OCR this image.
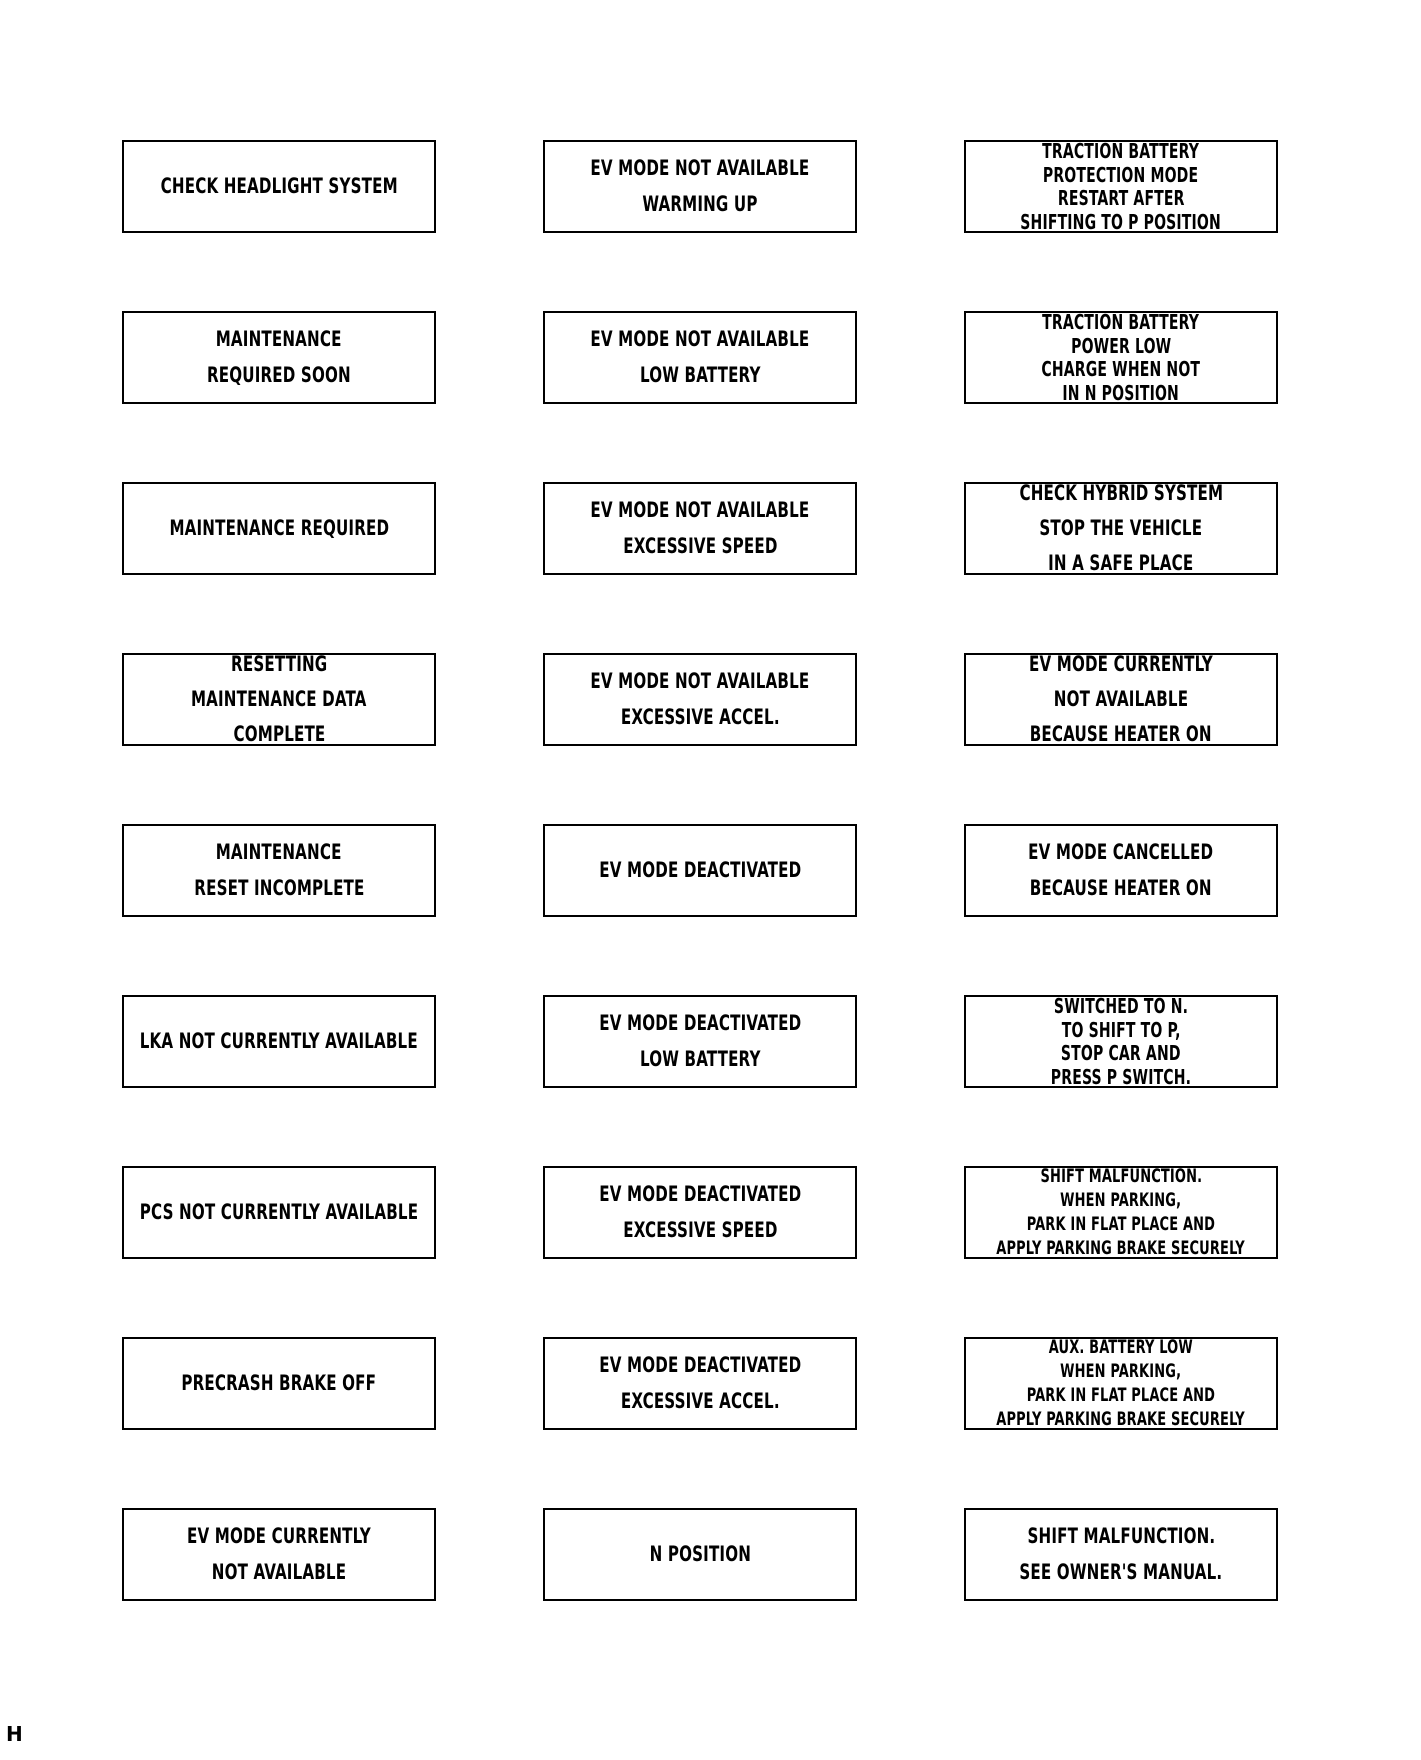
CHECK HEADLIGHT SYSTEM
MAINTENANCE
REQUIRED SOON
MAINTENANCE REQUIRED
RESETTING
MAINTENANCE DATA
COMPLETE
MAINTENANCE
RESET INCOMPLETE
LKA NOT CURRENTLY AVAILABLE
PCS NOT CURRENTLY AVAILABLE
PRECRASH BRAKE OFF
EV MODE CURRENTLY
NOT AVAILABLE
EV MODE NOT AVAILABLE
WARMING UP
EV MODE NOT AVAILABLE
LOW BATTERY
EV MODE NOT AVAILABLE
EXCESSIVE SPEED
EV MODE NOT AVAILABLE
EXCESSIVE ACCEL.
EV MODE DEACTIVATED
EV MODE DEACTIVATED
LOW BATTERY
EV MODE DEACTIVATED
EXCESSIVE SPEED
EV MODE DEACTIVATED
EXCESSIVE ACCEL.
N POSITION
TRACTION BATTERY
PROTECTION MODE
RESTART AFTER
SHIFTING TO P POSITION
TRACTION BATTERY
POWER LOW
CHARGE WHEN NOT
IN N POSITION
CHECK HYBRID SYSTEM
STOP THE VEHICLE
IN A SAFE PLACE
EV MODE CURRENTLY
NOT AVAILABLE
BECAUSE HEATER ON
EV MODE CANCELLED
BECAUSE HEATER ON
SWITCHED TO N.
TO SHIFT TO P,
STOP CAR AND
PRESS P SWITCH.
SHIFT MALFUNCTION.
WHEN PARKING,
PARK IN FLAT PLACE AND
APPLY PARKING BRAKE SECURELY
AUX. BATTERY LOW
WHEN PARKING,
PARK IN FLAT PLACE AND
APPLY PARKING BRAKE SECURELY
SHIFT MALFUNCTION.
SEE OWNER'S MANUAL.
H
